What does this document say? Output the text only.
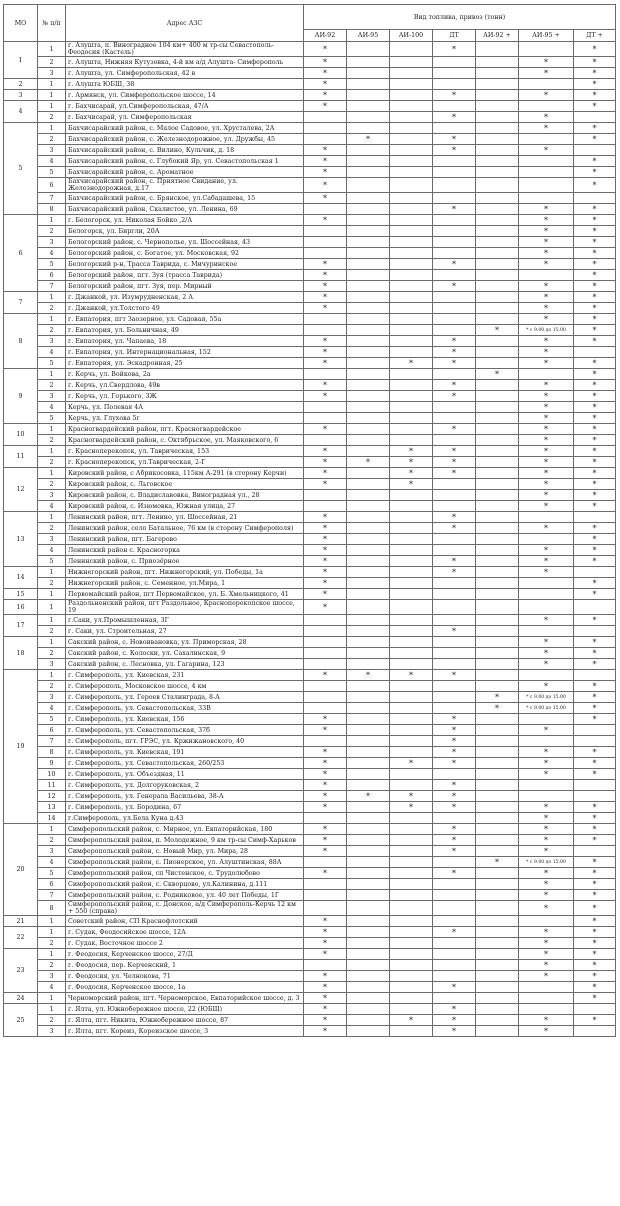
МО	№ п/п	Адрес АЗС	Вид топлива, привоз (тонн)						
			АИ-92	АИ-95	АИ-100	ДТ	АИ-92 +	АИ-95 +	ДТ +
1	1	г. Алушта, п. Виноградное 104 км+ 400 м тр-сы Севастополь-Феодосия (Кастель)	*			*			*
	2	г. Алушта, Нижняя Кутузовка, 4-й км а/д Алушта- Симферополь	*					*	*
	3	г. Алушта, ул. Симферопольская, 42 в	*					*	*
2	1	г. Алушта ЮБШ, 38	*						*
3	1	г. Армянск, ул. Симферопольское шоссе, 14	*			*		*	*
4	1	г. Бахчисарай, ул.Симферопольская, 47/А	*						*
	2	г. Бахчисарай, ул. Симферопольская				*		*	
5	1	Бахчисарайский район, с. Малое Садовое, ул. Хрусталева, 2А						*	*
	2	Бахчисарайский район, с. Железнодорожное, ул. Дружбы, 45		*		*			*
	3	Бахчисарайский район, с. Вилино, Кульчик, д. 18	*			*		*	
	4	Бахчисарайский район, с. Глубокий Яр, ул. Севастопольская 1	*						*
	5	Бахчисарайский район, с. Ароматное	*						*
	6	Бахчисарайский район, с. Приятное Свидание, ул. Железнодорожная, д.17	*						*
	7	Бахчисарайский район, с. Брянское, ул.Сабадашева, 15	*						
	8	Бахчисарайский район, Скалистое, ул. Ленина, 69				*		*	*
6	1	г. Белогорск, ул. Николая Бойко ,2/А	*					*	*
	2	Белогорск, ул. Биргли, 20А						*	*
	3	Белогорский район, с. Чернополье, ул. Шоссейная, 43						*	*
	4	Белогорский район, с. Богатое, ул. Московская, 92						*	*
	5	Белогорский р-н, Трасса Таврида, с. Мичуринское	*			*		*	*
	6	Белогорский район, пгт. Зуя (трасса Таврида)	*						*
	7	Белогорский район, пгт. Зуя, пер. Мирный	*			*		*	*
7	1	г. Джанкой, ул. Изумрудненская, 2 А	*					*	*
	2	г. Джанкой, ул.Толстого 49	*					*	*
8	1	г. Евпатория, пгт Заозерное, ул. Садовая, 55а						*	*
	2	г. Евпатория, ул. Больничная, 49					*	* с 9.00 до 15.00	*
	3	г. Евпатория, ул. Чапаева, 18	*			*		*	*
	4	г. Евпатория, ул. Интернациональная, 152	*			*		*	
	5	г. Евпатория, ул. Эскадронная, 25	*		*	*		*	*
9	1	г. Керчь, ул. Войкова, 2а					*		*
	2	г. Керчь, ул.Свердлова, 49в	*			*		*	*
	3	г. Керчь, ул. Горького, 3Ж	*			*		*	*
	4	Керчь, ул. Полевая 4А						*	*
	5	Керчь, ул. Глухова 5г						*	*
10	1	Красногвардейский район, пгт. Красногвардейское	*			*		*	*
	2	Красногвардейский район, с. Октябрьское, ул. Маяковского, 6						*	*
11	1	г. Красноперекопск, ул. Таврическая, 153	*		*	*		*	*
	2	г. Красноперекопск, ул.Таврическая, 2-Г	*	*	*	*		*	*
12	1	Кировский район, с Абрикосовка, 115км А-291 (в сторону Керчи)	*		*	*		*	*
	2	Кировский район, с. Льговское	*		*			*	*
	3	Кировский район, с. Владиславовка, Виноградная ул., 28						*	*
	4	Кировский район, с. Изюмовка, Южная улица, 27						*	*
13	1	Ленинский район, пгт. Ленино, ул. Шоссейная, 21	*			*			
	2	Ленинский район, село Батальное, 76 км (в сторону Симферополя)	*			*		*	*
	3	Ленинский район, пгт. Багерово	*						*
	4	Ленинский район с. Красногорка	*					*	*
	5	Ленинский район, с. Приозёрное	*			*		*	*
14	1	Нижнегорский район, пгт. Нижнегорский, ул. Победы, 1а	*			*		*	
	2	Нижнегорский район, с. Семенное, ул.Мира, 1	*						*
15	1	Первомайский район, пгт Первомайское, ул. Б. Хмельницкого, 41	*						*
16	1	Раздольненский район, пгт Раздольное, Красноперекопское шоссе, 19	*						
17	1	г.Саки, ул.Промышленная, 3Г						*	*
	2	г. Саки, ул. Строительная, 27				*			
18	1	Сакский район, с. Новоивановка, ул. Приморская, 28						*	*
	2	Сакский район, с. Колоски, ул. Сахалинская, 9						*	*
	3	Сакский район, с. Лесновка, ул. Гагарина, 123						*	*
19	1	г. Симферополь, ул. Киевская, 231	*	*	*	*			
	2	г. Симферополь, Московское шоссе, 4 км						*	*
	3	г. Симферополь, ул. Героев Сталинграда, 8-А					*	* с 9.00 до 15.00	*
	4	г. Симферополь, ул. Севастопольская, 33В					*	* с 9.00 до 15.00	*
	5	г. Симферополь, ул. Киевская, 156	*			*			*
	6	г. Симферополь, ул. Севастопольская, 37б	*			*		*	
	7	г. Симферополь, пгт. ГРЭС, ул. Кржижановского, 40				*			
	8	г. Симферополь, ул. Киевская, 191	*			*		*	*
	9	г. Симферополь, ул. Севастопольская, 260/253	*		*	*		*	*
	10	г. Симферополь, ул. Объездная, 11	*					*	*
	11	г. Симферополь, ул. Долгоруковская, 2	*			*			
	12	г. Симферополь, ул. Генерала Васильева, 38-А	*	*	*	*			
	13	г. Симферополь, ул. Бородина, 67	*		*	*		*	*
	14	г.Симферополь, ул.Бела Куна д.43						*	*
20	1	Симферопольский район, с. Мирное, ул. Евпаторийская, 180	*			*		*	*
	2	Симферопольский район, п. Молодежное, 9 км тр-сы Симф-Харьков	*			*		*	*
	3	Симферопольский район, с. Новый Мир, ул. Мира, 28	*			*		*	
	4	Симферопольский район, с. Пионерское, ул. Алуштинская, 88А					*	* с 9.00 до 15.00	*
	5	Симферопольский район, сп Чистенское, с. Трудолюбово	*			*		*	*
	6	Симферопольский район, с. Скворцово, ул.Калинина, д.111						*	*
	7	Симферопольский район, с. Родниковое, ул. 40 лет Победы, 1Г						*	*
	8	Симферопольский район, с. Донское, а/д Симферополь-Керчь 12 км + 550 (справа)						*	*
21	1	Советский район, СП Краснофлотский	*						*
22	1	г. Судак, Феодосийское шоссе, 12А	*			*		*	*
	2	г. Судак, Восточное шоссе 2	*					*	*
23	1	г. Феодосия, Керченское шоссе, 27/Д	*					*	*
	2	г. Феодосия, пер. Керченский, 1						*	*
	3	г. Феодосия, ул. Челнокова, 71	*					*	*
	4	г. Феодосия, Керченское шоссе, 1а	*			*			*
24	1	Черноморский район, пгт. Черноморское, Евпаторийское шоссе, д. 3	*						*
25	1	г. Ялта, ул. Южнобережное шоссе, 22 (ЮБШ)	*			*			
	2	г. Ялта, пгт. Никита, Южнобережное шоссе, 87	*		*	*		*	*
	3	г. Ялта, пгт. Кореиз, Кореизское шоссе, 3	*			*		*	
